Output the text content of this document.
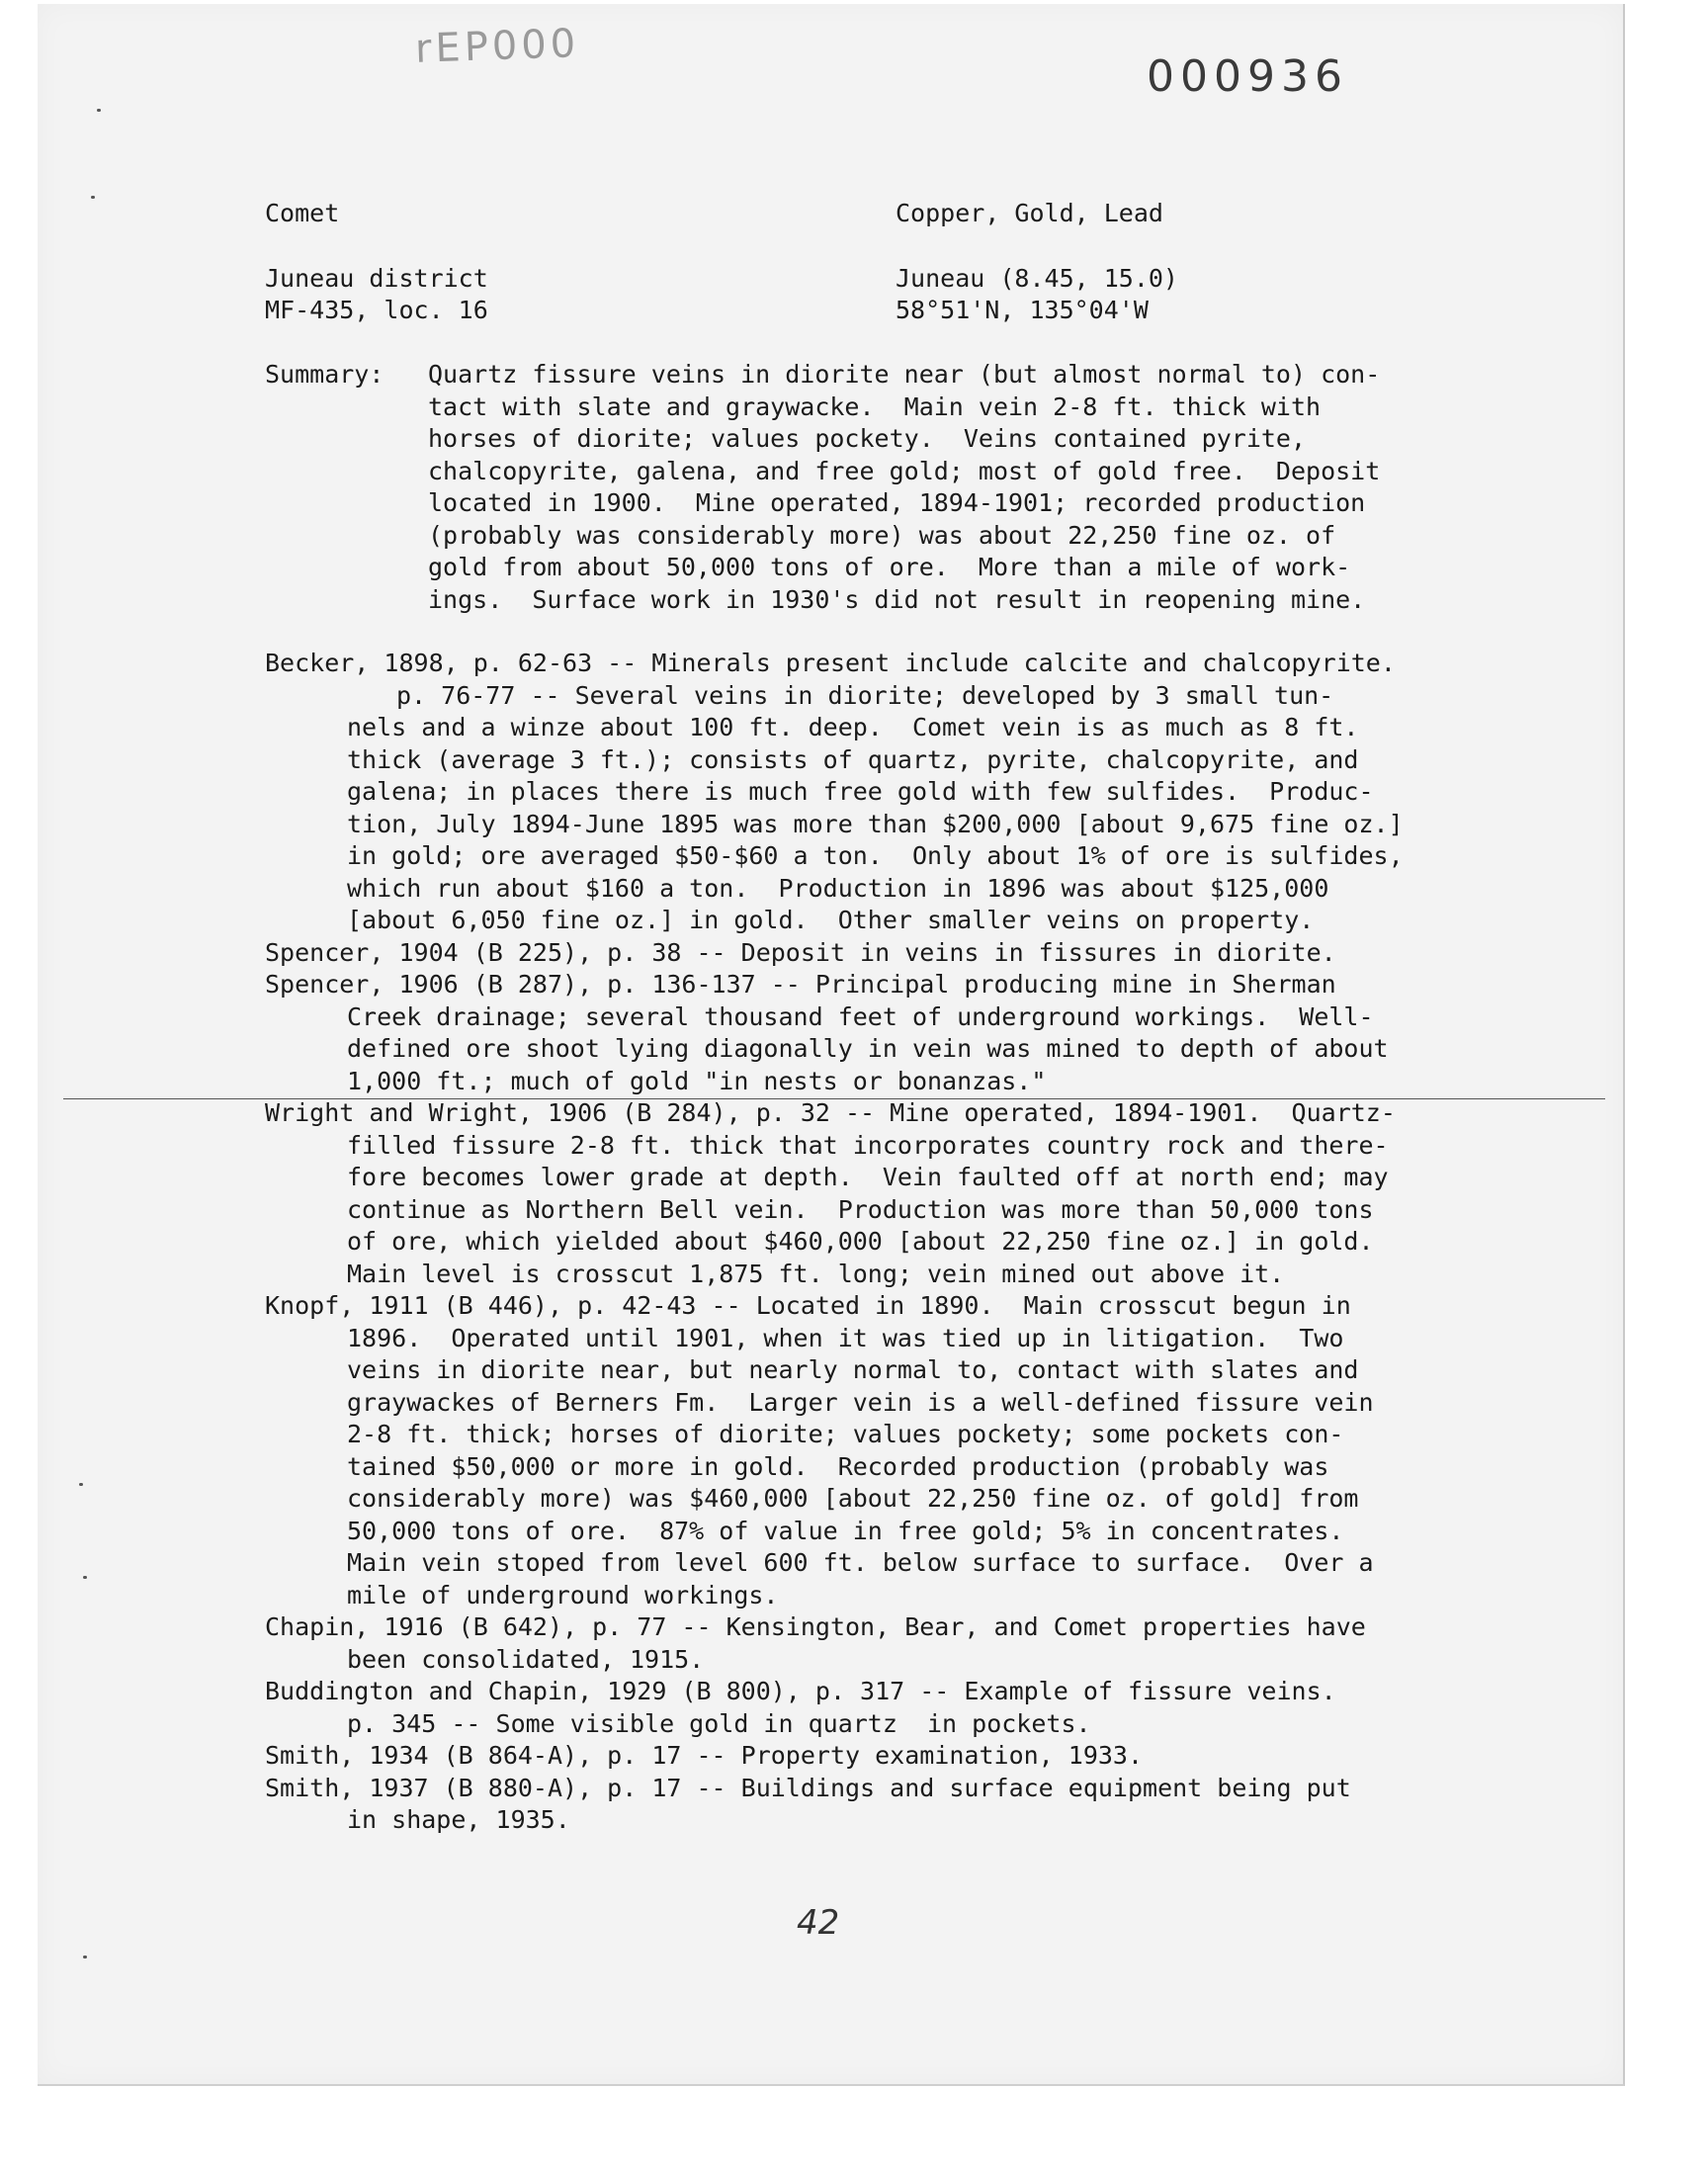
rEP000
000936
Comet	Copper, Gold, Lead
Juneau district	Juneau (8.45, 15.0)
MF-435, loc. 16	58°51'N, 135°04'W
Summary: Quartz fissure veins in diorite near (but almost normal to) con-
tact with slate and graywacke.  Main vein 2-8 ft. thick with
horses of diorite; values pockety.  Veins contained pyrite,
chalcopyrite, galena, and free gold; most of gold free.  Deposit
located in 1900.  Mine operated, 1894-1901; recorded production
(probably was considerably more) was about 22,250 fine oz. of
gold from about 50,000 tons of ore.  More than a mile of work-
ings.  Surface work in 1930's did not result in reopening mine.
Becker, 1898, p. 62-63 -- Minerals present include calcite and chalcopyrite.
p. 76-77 -- Several veins in diorite; developed by 3 small tun-
nels and a winze about 100 ft. deep.  Comet vein is as much as 8 ft.
thick (average 3 ft.); consists of quartz, pyrite, chalcopyrite, and
galena; in places there is much free gold with few sulfides.  Produc-
tion, July 1894-June 1895 was more than $200,000 [about 9,675 fine oz.]
in gold; ore averaged $50-$60 a ton.  Only about 1% of ore is sulfides,
which run about $160 a ton.  Production in 1896 was about $125,000
[about 6,050 fine oz.] in gold.  Other smaller veins on property.
Spencer, 1904 (B 225), p. 38 -- Deposit in veins in fissures in diorite.
Spencer, 1906 (B 287), p. 136-137 -- Principal producing mine in Sherman
Creek drainage; several thousand feet of underground workings.  Well-
defined ore shoot lying diagonally in vein was mined to depth of about
1,000 ft.; much of gold "in nests or bonanzas."
Wright and Wright, 1906 (B 284), p. 32 -- Mine operated, 1894-1901.  Quartz-
filled fissure 2-8 ft. thick that incorporates country rock and there-
fore becomes lower grade at depth.  Vein faulted off at north end; may
continue as Northern Bell vein.  Production was more than 50,000 tons
of ore, which yielded about $460,000 [about 22,250 fine oz.] in gold.
Main level is crosscut 1,875 ft. long; vein mined out above it.
Knopf, 1911 (B 446), p. 42-43 -- Located in 1890.  Main crosscut begun in
1896.  Operated until 1901, when it was tied up in litigation.  Two
veins in diorite near, but nearly normal to, contact with slates and
graywackes of Berners Fm.  Larger vein is a well-defined fissure vein
2-8 ft. thick; horses of diorite; values pockety; some pockets con-
tained $50,000 or more in gold.  Recorded production (probably was
considerably more) was $460,000 [about 22,250 fine oz. of gold] from
50,000 tons of ore.  87% of value in free gold; 5% in concentrates.
Main vein stoped from level 600 ft. below surface to surface.  Over a
mile of underground workings.
Chapin, 1916 (B 642), p. 77 -- Kensington, Bear, and Comet properties have
been consolidated, 1915.
Buddington and Chapin, 1929 (B 800), p. 317 -- Example of fissure veins.
p. 345 -- Some visible gold in quartz  in pockets.
Smith, 1934 (B 864-A), p. 17 -- Property examination, 1933.
Smith, 1937 (B 880-A), p. 17 -- Buildings and surface equipment being put
in shape, 1935.
42
